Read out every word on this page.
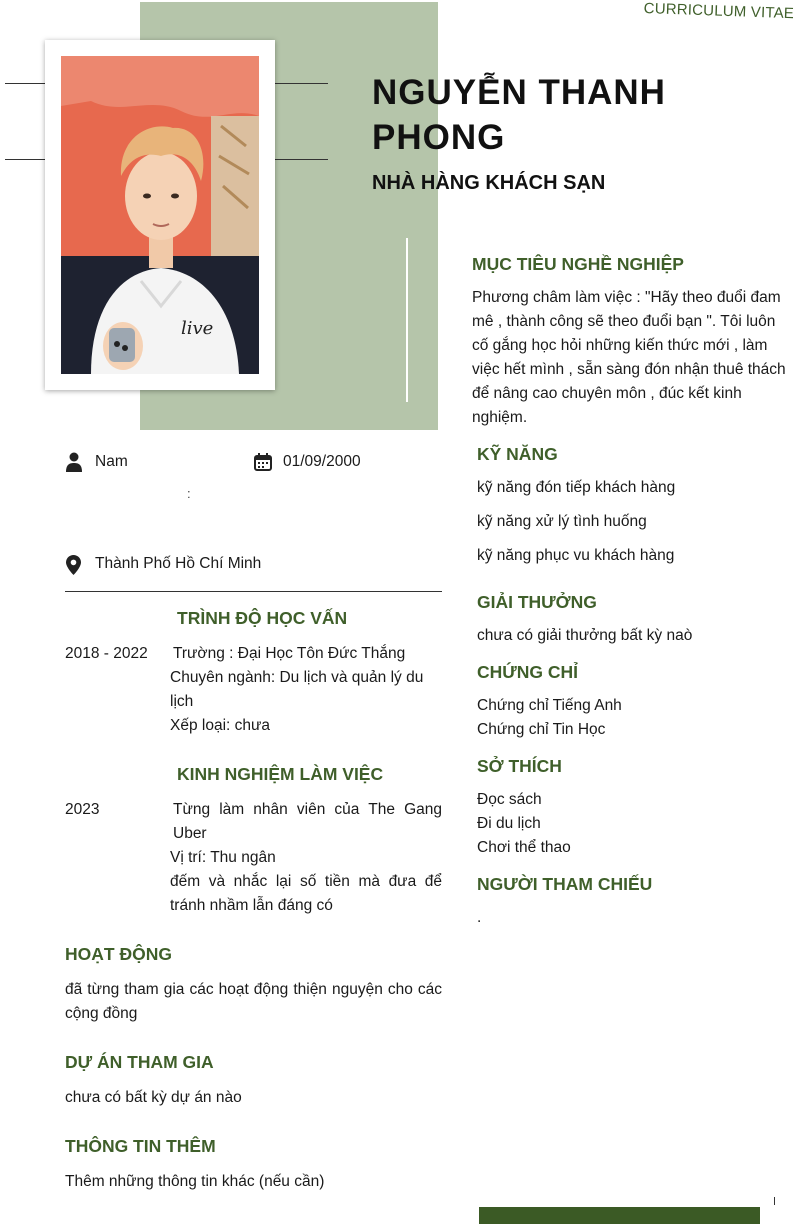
CURRICULUM VITAE
live
NGUYỄN THANH PHONG
NHÀ HÀNG KHÁCH SẠN
Nam	01/09/2000
:
Thành Phố Hồ Chí Minh
TRÌNH ĐỘ HỌC VẤN
2018 - 2022 Trường : Đại Học Tôn Đức Thắng
Chuyên ngành: Du lịch và quản lý du lịch
Xếp loại: chưa
KINH NGHIỆM LÀM VIỆC
2023	Từng làm nhân viên của The Gang Uber
Vị trí: Thu ngân
đếm và nhắc lại số tiền mà đưa để tránh nhầm lẫn đáng có
HOẠT ĐỘNG
đã từng tham gia các hoạt động thiện nguyện cho các cộng đồng
DỰ ÁN THAM GIA
chưa có bất kỳ dự án nào
THÔNG TIN THÊM
Thêm những thông tin khác (nếu cần)
MỤC TIÊU NGHỀ NGHIỆP
Phương châm làm việc : "Hãy theo đuổi đam mê , thành công sẽ theo đuổi bạn ". Tôi luôn cố gắng học hỏi những kiến thức mới , làm việc hết mình , sẵn sàng đón nhận thuê thách để nâng cao chuyên môn , đúc kết kinh nghiệm.
KỸ NĂNG
kỹ năng đón tiếp khách hàng
kỹ năng xử lý tình huống
kỹ năng phục vu khách hàng
GIẢI THƯỞNG
chưa có giải thưởng bất kỳ naò
CHỨNG CHỈ
Chứng chỉ Tiếng Anh
Chứng chỉ Tin Học
SỞ THÍCH
Đọc sách
Đi du lịch
Chơi thể thao
NGƯỜI THAM CHIẾU
.
